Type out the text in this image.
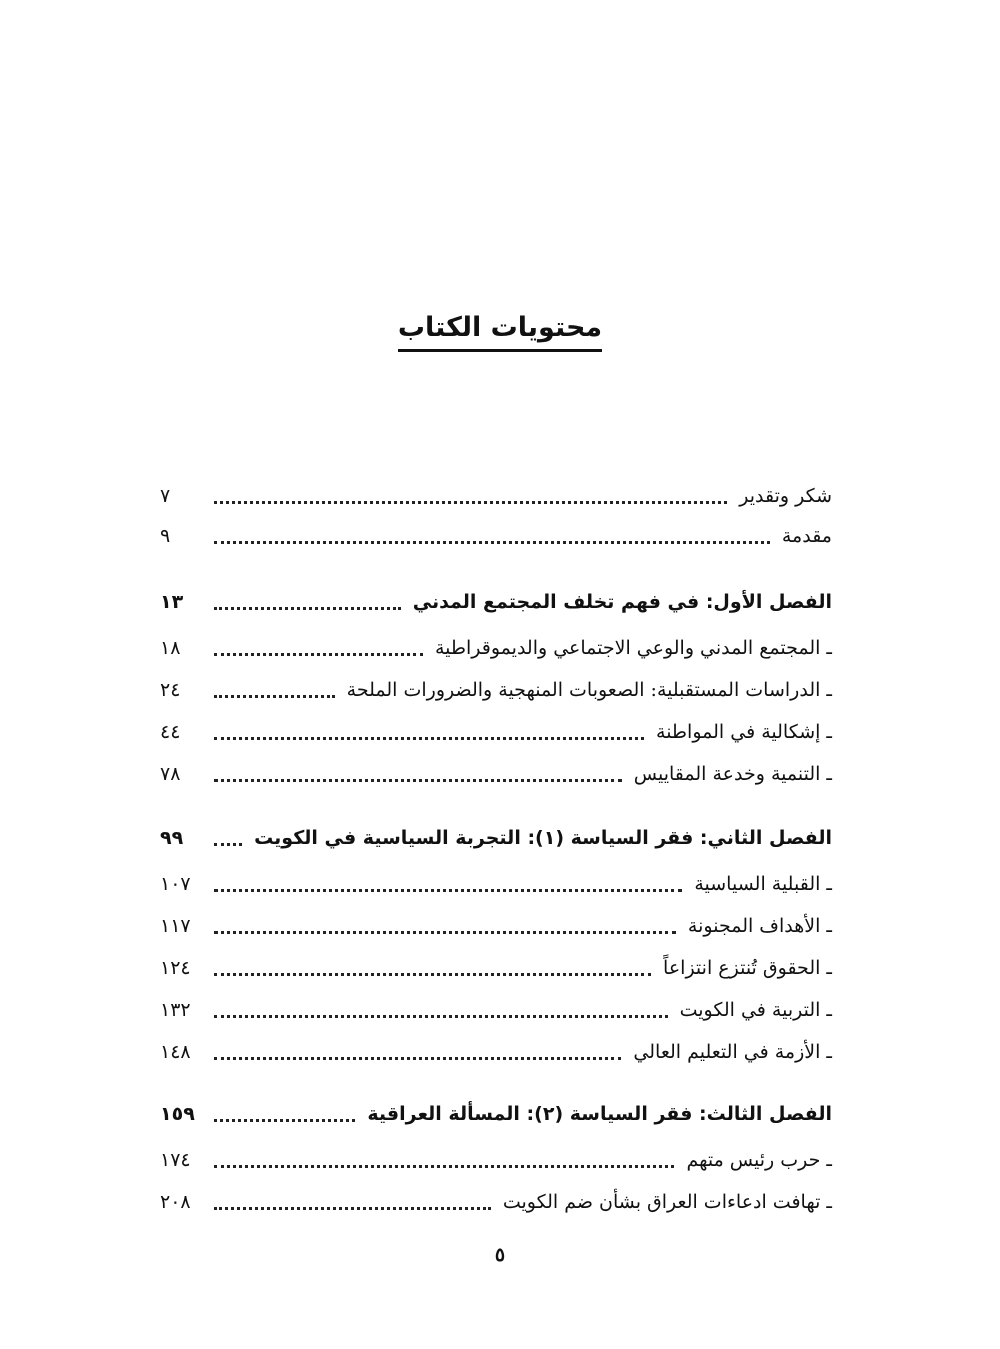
محتويات الكتاب
شكر وتقدير
٧
مقدمة
٩
الفصل الأول: في فهم تخلف المجتمع المدني
١٣
ـ المجتمع المدني والوعي الاجتماعي والديموقراطية
١٨
ـ الدراسات المستقبلية: الصعوبات المنهجية والضرورات الملحة
٢٤
ـ إشكالية في المواطنة
٤٤
ـ التنمية وخدعة المقاييس
٧٨
الفصل الثاني: فقر السياسة (١): التجربة السياسية في الكويت
٩٩
ـ القبلية السياسية
١٠٧
ـ الأهداف المجنونة
١١٧
ـ الحقوق تُنتزع انتزاعاً
١٢٤
ـ التربية في الكويت
١٣٢
ـ الأزمة في التعليم العالي
١٤٨
الفصل الثالث: فقر السياسة (٢): المسألة العراقية
١٥٩
ـ حرب رئيس متهم
١٧٤
ـ تهافت ادعاءات العراق بشأن ضم الكويت
٢٠٨
٥
